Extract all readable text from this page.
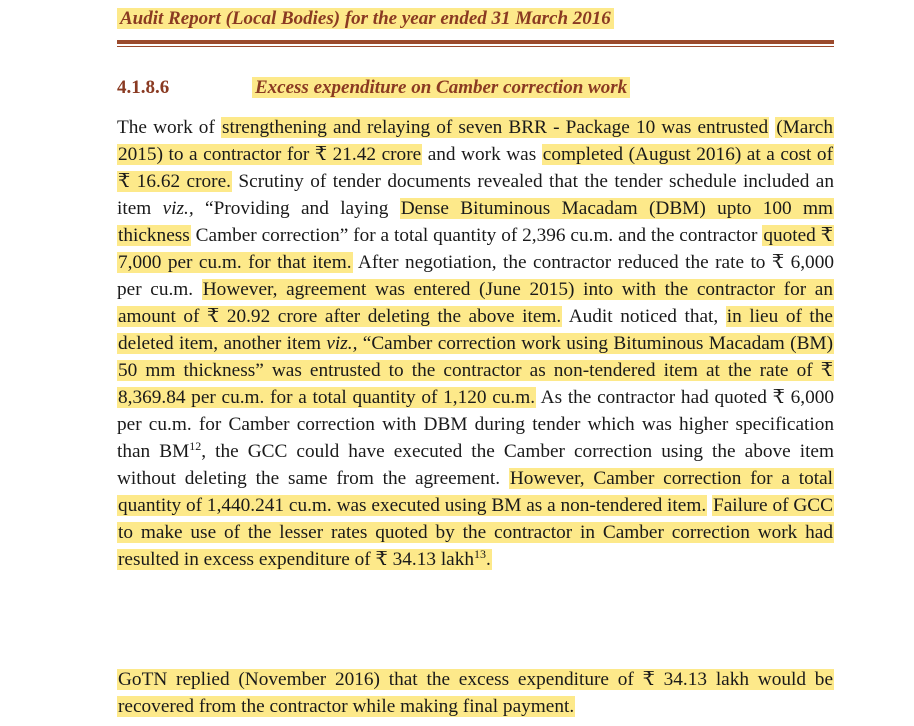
Audit Report (Local Bodies) for the year ended 31 March 2016
4.1.8.6	Excess expenditure on Camber correction work

The work of strengthening and relaying of seven BRR - Package 10 was entrusted (March 2015) to a contractor for ₹ 21.42 crore and work was completed (August 2016) at a cost of ₹ 16.62 crore. Scrutiny of tender documents revealed that the tender schedule included an item viz., “Providing and laying Dense Bituminous Macadam (DBM) upto 100 mm thickness Camber correction” for a total quantity of 2,396 cu.m. and the contractor quoted ₹ 7,000 per cu.m. for that item. After negotiation, the contractor reduced the rate to ₹ 6,000 per cu.m. However, agreement was entered (June 2015) into with the contractor for an amount of ₹ 20.92 crore after deleting the above item. Audit noticed that, in lieu of the deleted item, another item viz., “Camber correction work using Bituminous Macadam (BM) 50 mm thickness” was entrusted to the contractor as non-tendered item at the rate of ₹ 8,369.84 per cu.m. for a total quantity of 1,120 cu.m. As the contractor had quoted ₹ 6,000 per cu.m. for Camber correction with DBM during tender which was higher specification than BM$^{12}$, the GCC could have executed the Camber correction using the above item without deleting the same from the agreement. However, Camber correction for a total quantity of 1,440.241 cu.m. was executed using BM as a non-tendered item. Failure of GCC to make use of the lesser rates quoted by the contractor in Camber correction work had resulted in excess expenditure of ₹ 34.13 lakh$^{13}$.

GoTN replied (November 2016) that the excess expenditure of ₹ 34.13 lakh would be recovered from the contractor while making final payment.
